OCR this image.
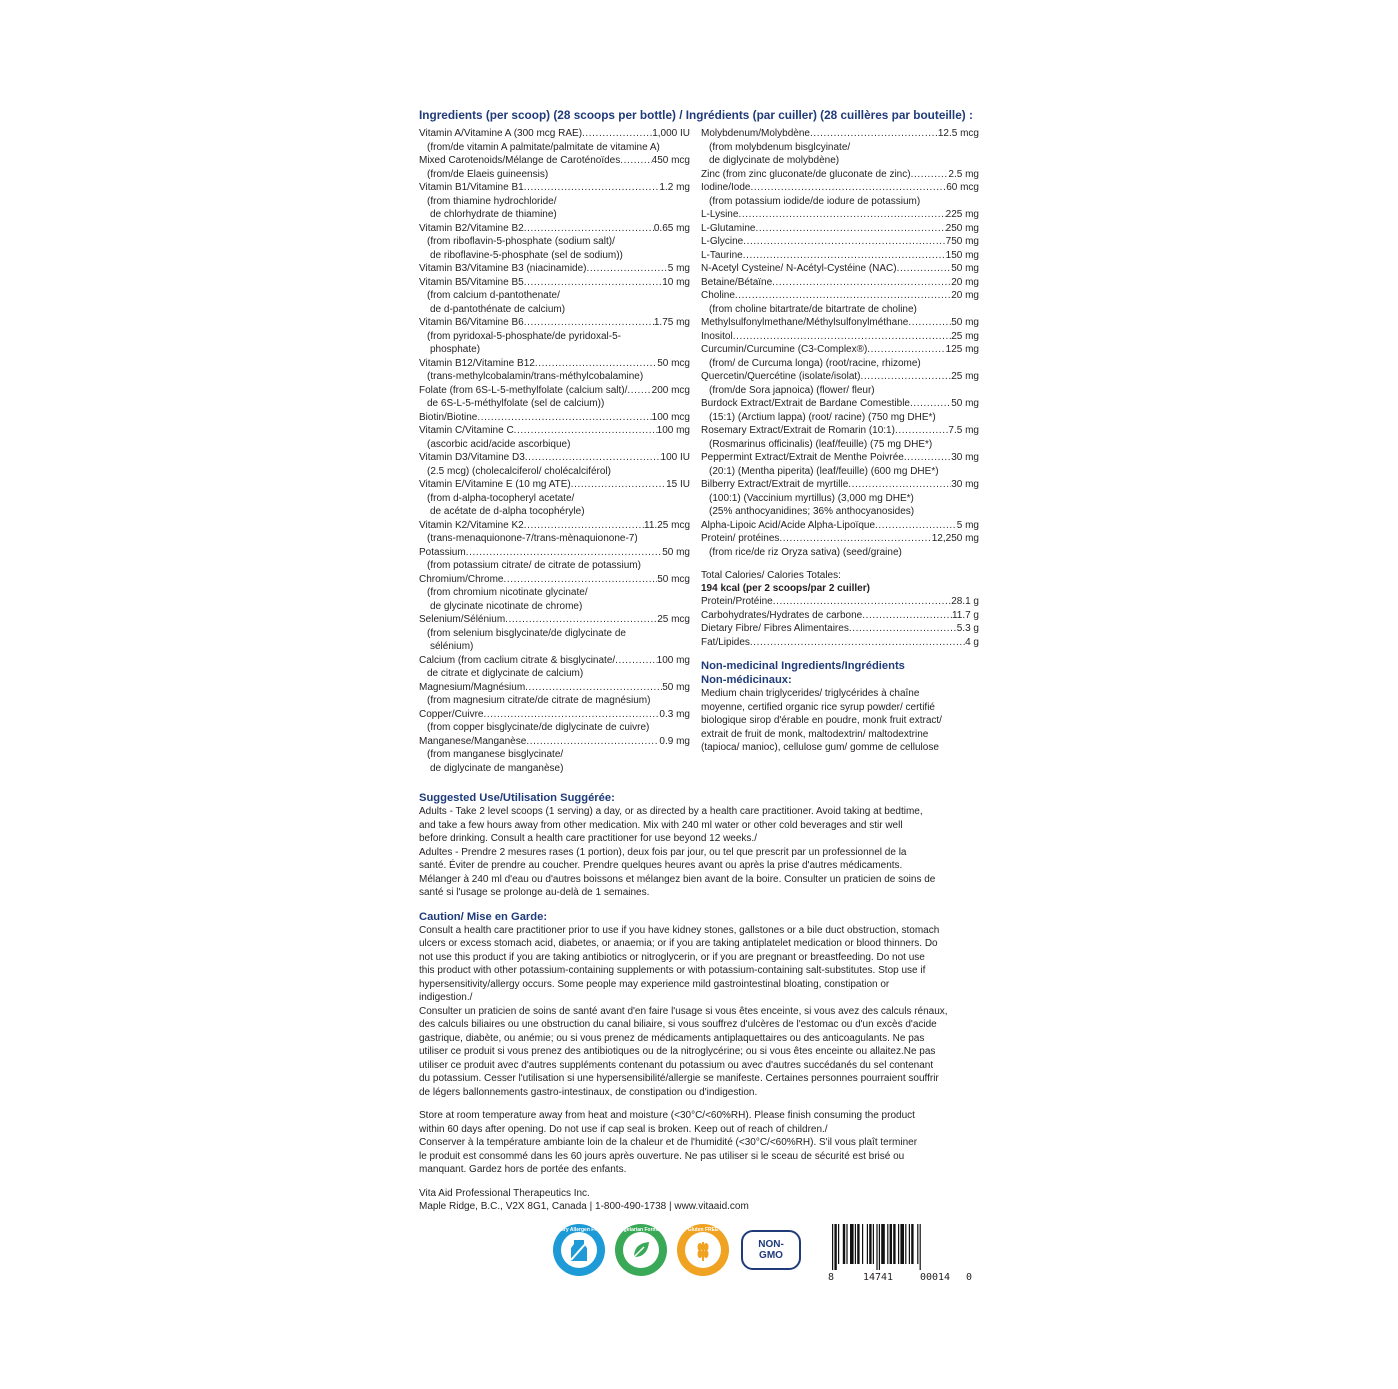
Ingredients (per scoop) (28 scoops per bottle) / Ingrédients (par cuiller) (28 cuillères par bouteille) :
Vitamin A/Vitamine A (300 mcg RAE) .....	1,000 IU
(from/de vitamin A palmitate/palmitate de vitamine A)
Mixed Carotenoids/Mélange de Caroténoïdes .....	450 mcg
(from/de Elaeis guineensis)
Vitamin B1/Vitamine B1 .....	1.2 mg
(from thiamine hydrochloride/
de chlorhydrate de thiamine)
Vitamin B2/Vitamine B2 .....	0.65 mg
(from riboflavin-5-phosphate (sodium salt)/
de riboflavine-5-phosphate (sel de sodium))
Vitamin B3/Vitamine B3 (niacinamide) .....	5 mg
Vitamin B5/Vitamine B5 .....	10 mg
(from calcium d-pantothenate/
de d-pantothénate de calcium)
Vitamin B6/Vitamine B6 .....	1.75 mg
(from pyridoxal-5-phosphate/de pyridoxal-5-
phosphate)
Vitamin B12/Vitamine B12 .....	50 mcg
(trans-methylcobalamin/trans-méthylcobalamine)
Folate (from 6S-L-5-methylfolate (calcium salt)/ ..... 200 mcg
de 6S-L-5-méthylfolate (sel de calcium))
Biotin/Biotine .....	100 mcg
Vitamin C/Vitamine C .....	100 mg
(ascorbic acid/acide ascorbique)
Vitamin D3/Vitamine D3 .....	100 IU
(2.5 mcg) (cholecalciferol/ cholécalciférol)
Vitamin E/Vitamine E (10 mg ATE) .....	15 IU
(from d-alpha-tocopheryl acetate/
de acétate de d-alpha tocophéryle)
Vitamin K2/Vitamine K2 .....	11.25 mcg
(trans-menaquionone-7/trans-mènaquionone-7)
Potassium .....	50 mg
(from potassium citrate/ de citrate de potassium)
Chromium/Chrome .....	50 mcg
(from chromium nicotinate glycinate/
de glycinate nicotinate de chrome)
Selenium/Sélénium .....	25 mcg
(from selenium bisglycinate/de diglycinate de
sélénium)
Calcium (from caclium citrate & bisglycinate/ .....	100 mg
de citrate et diglycinate de calcium)
Magnesium/Magnésium .....	50 mg
(from magnesium citrate/de citrate de magnésium)
Copper/Cuivre .....	0.3 mg
(from copper bisglycinate/de diglycinate de cuivre)
Manganese/Manganèse .....	0.9 mg
(from manganese bisglycinate/
de diglycinate de manganèse)
Molybdenum/Molybdène .....	12.5 mcg
(from molybdenum bisglcyinate/
de diglycinate de molybdène)
Zinc (from zinc gluconate/de gluconate de zinc) .....	2.5 mg
Iodine/Iode .....	60 mcg
(from potassium iodide/de iodure de potassium)
L-Lysine .....	225 mg
L-Glutamine .....	250 mg
L-Glycine .....	750 mg
L-Taurine .....	150 mg
N-Acetyl Cysteine/ N-Acétyl-Cystéine (NAC) .....	50 mg
Betaine/Bétaïne .....	20 mg
Choline .....	20 mg
(from choline bitartrate/de bitartrate de choline)
Methylsulfonylmethane/Méthylsulfonylméthane .....	50 mg
Inositol .....	25 mg
Curcumin/Curcumine (C3-Complex®) .....	125 mg
(from/ de Curcuma longa) (root/racine, rhizome)
Quercetin/Quercétine (isolate/isolat) .....	25 mg
(from/de Sora japnoica) (flower/ fleur)
Burdock Extract/Extrait de Bardane Comestible .....	50 mg
(15:1) (Arctium lappa) (root/ racine) (750 mg DHE*)
Rosemary Extract/Extrait de Romarin (10:1) .....	7.5 mg
(Rosmarinus officinalis) (leaf/feuille) (75 mg DHE*)
Peppermint Extract/Extrait de Menthe Poivrée .....	30 mg
(20:1) (Mentha piperita) (leaf/feuille) (600 mg DHE*)
Bilberry Extract/Extrait de myrtille .....	30 mg
(100:1) (Vaccinium myrtillus) (3,000 mg DHE*)
(25% anthocyanidines; 36% anthocyanosides)
Alpha-Lipoic Acid/Acide Alpha-Lipoïque .....	5 mg
Protein/ protéines .....	12,250 mg
(from rice/de riz Oryza sativa) (seed/graine)
Total Calories/ Calories Totales:
194 kcal (per 2 scoops/par 2 cuiller)
Protein/Protéine .....	28.1 g
Carbohydrates/Hydrates de carbone .....	11.7 g
Dietary Fibre/ Fibres Alimentaires .....	5.3 g
Fat/Lipides .....	4 g
Non-medicinal Ingredients/Ingrédients
Non-médicinaux:
Medium chain triglycerides/ triglycérides à chaîne
moyenne, certified organic rice syrup powder/ certifié
biologique sirop d'érable en poudre, monk fruit extract/
extrait de fruit de monk, maltodextrin/ maltodextrine
(tapioca/ manioc), cellulose gum/ gomme de cellulose
Suggested Use/Utilisation Suggérée:
Adults - Take 2 level scoops (1 serving) a day, or as directed by a health care practitioner. Avoid taking at bedtime,
and take a few hours away from other medication. Mix with 240 ml water or other cold beverages and stir well
before drinking. Consult a health care practitioner for use beyond 12 weeks./
Adultes - Prendre 2 mesures rases (1 portion), deux fois par jour, ou tel que prescrit par un professionnel de la
santé. Éviter de prendre au coucher. Prendre quelques heures avant ou après la prise d'autres médicaments.
Mélanger à 240 ml d'eau ou d'autres boissons et mélangez bien avant de la boire. Consulter un praticien de soins de
santé si l'usage se prolonge au-delà de 1 semaines.
Caution/ Mise en Garde:
Consult a health care practitioner prior to use if you have kidney stones, gallstones or a bile duct obstruction, stomach
ulcers or excess stomach acid, diabetes, or anaemia; or if you are taking antiplatelet medication or blood thinners. Do
not use this product if you are taking antibiotics or nitroglycerin, or if you are pregnant or breastfeeding. Do not use
this product with other potassium-containing supplements or with potassium-containing salt-substitutes. Stop use if
hypersensitivity/allergy occurs. Some people may experience mild gastrointestinal bloating, constipation or
indigestion./
Consulter un praticien de soins de santé avant d'en faire l'usage si vous êtes enceinte, si vous avez des calculs rénaux,
des calculs biliaires ou une obstruction du canal biliaire, si vous souffrez d'ulcères de l'estomac ou d'un excès d'acide
gastrique, diabète, ou anémie; ou si vous prenez de médicaments antiplaquettaires ou des anticoagulants. Ne pas
utiliser ce produit si vous prenez des antibiotiques ou de la nitroglycérine; ou si vous êtes enceinte ou allaitez.Ne pas
utiliser ce produit avec d'autres suppléments contenant du potassium ou avec d'autres succédanés du sel contenant
du potassium. Cesser l'utilisation si une hypersensibilité/allergie se manifeste. Certaines personnes pourraient souffrir
de légers ballonnements gastro-intestinaux, de constipation ou d'indigestion.
Store at room temperature away from heat and moisture (<30°C/<60%RH). Please finish consuming the product
within 60 days after opening. Do not use if cap seal is broken. Keep out of reach of children./
Conserver à la température ambiante loin de la chaleur et de l'humidité (<30°C/<60%RH). S'il vous plaît terminer
le produit est consommé dans les 60 jours après ouverture. Ne pas utiliser si le sceau de sécurité est brisé ou
manquant. Gardez hors de portée des enfants.
Vita Aid Professional Therapeutics Inc.
Maple Ridge, B.C., V2X 8G1, Canada | 1-800-490-1738 | www.vitaaid.com
Dairy Allergen Free	Vegetarian Formula	Gluten FREE
NON-
GMO
8	14741	00014	0
